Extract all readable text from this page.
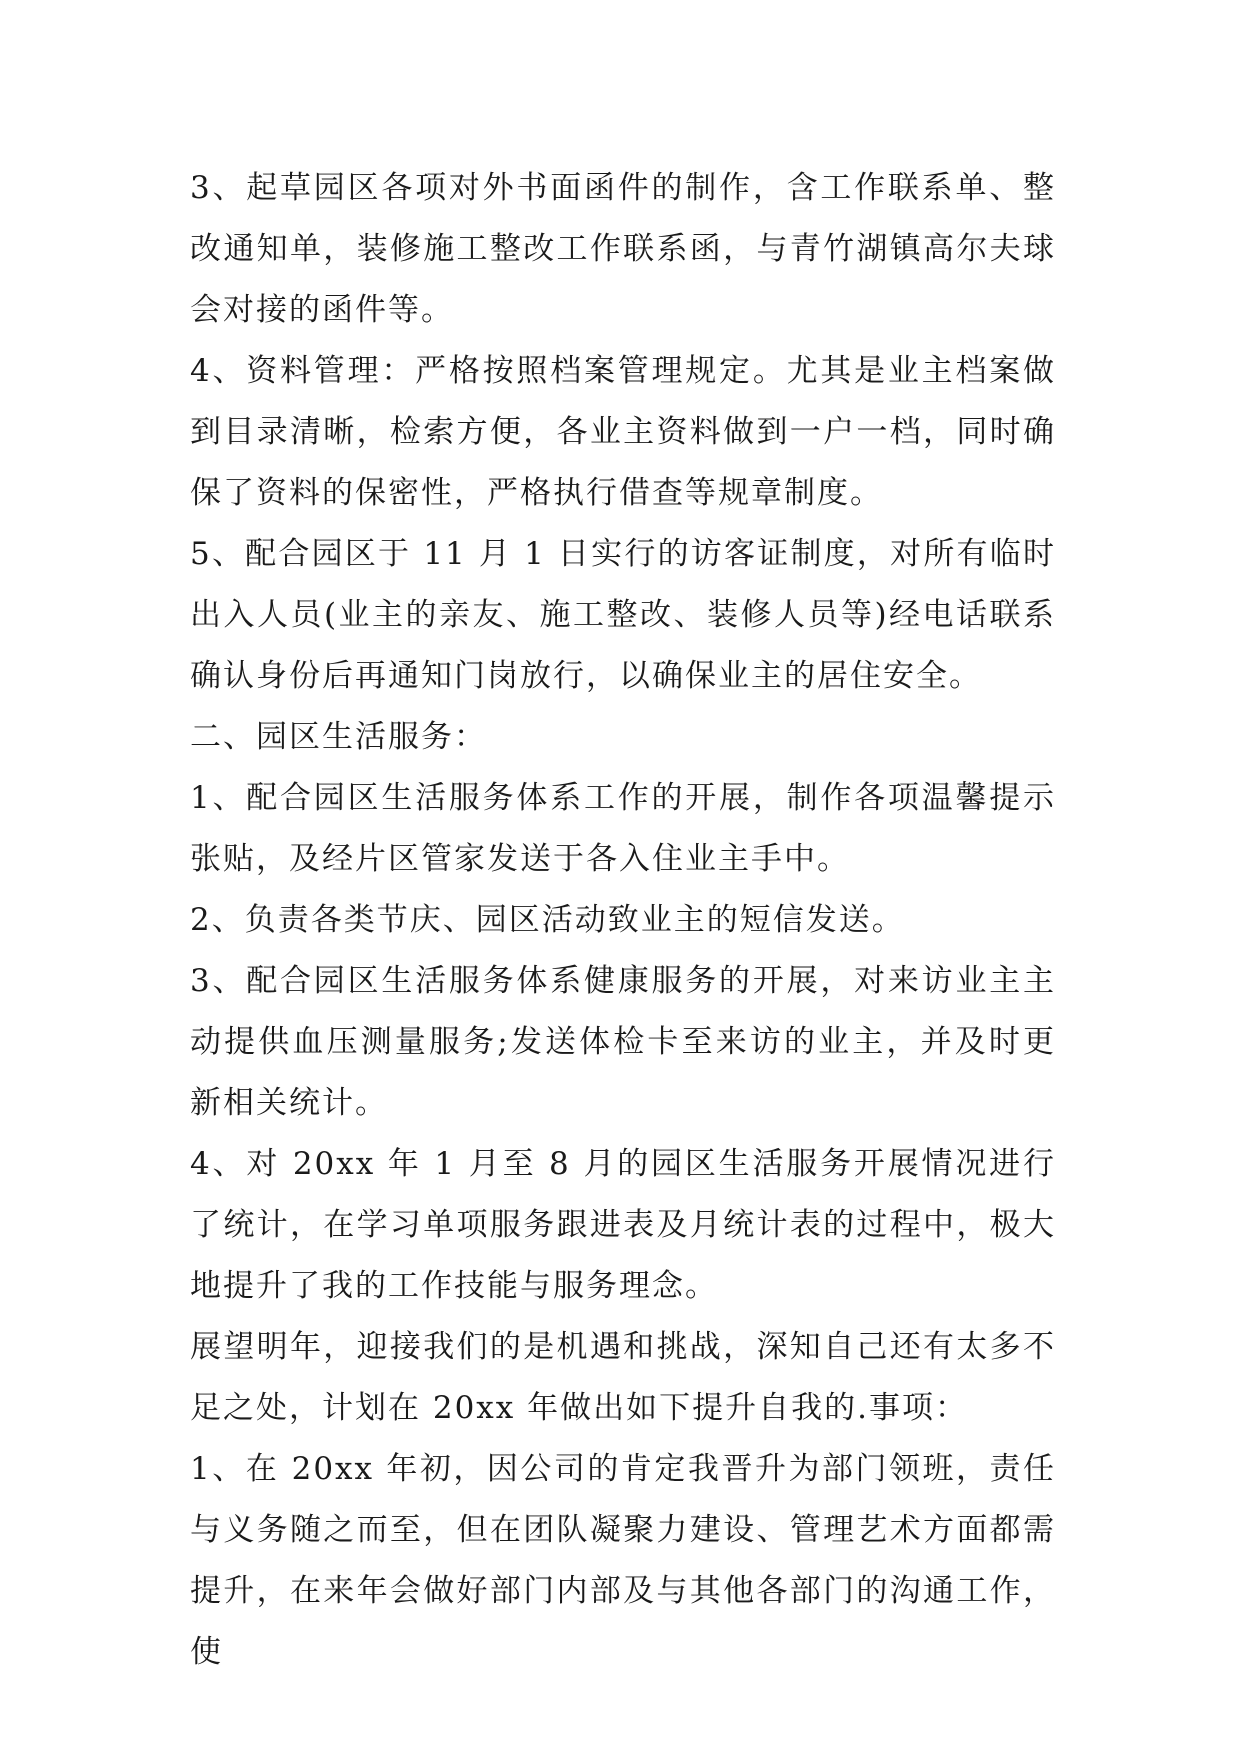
3、起草园区各项对外书面函件的制作，含工作联系单、整改通知单，装修施工整改工作联系函，与青竹湖镇高尔夫球会对接的函件等。

4、资料管理：严格按照档案管理规定。尤其是业主档案做到目录清晰，检索方便，各业主资料做到一户一档，同时确保了资料的保密性，严格执行借查等规章制度。

5、配合园区于 11 月 1 日实行的访客证制度，对所有临时出入人员(业主的亲友、施工整改、装修人员等)经电话联系确认身份后再通知门岗放行，以确保业主的居住安全。

二、园区生活服务：

1、配合园区生活服务体系工作的开展，制作各项温馨提示张贴，及经片区管家发送于各入住业主手中。

2、负责各类节庆、园区活动致业主的短信发送。

3、配合园区生活服务体系健康服务的开展，对来访业主主动提供血压测量服务;发送体检卡至来访的业主，并及时更新相关统计。

4、对 20xx 年 1 月至 8 月的园区生活服务开展情况进行了统计，在学习单项服务跟进表及月统计表的过程中，极大地提升了我的工作技能与服务理念。

展望明年，迎接我们的是机遇和挑战，深知自己还有太多不足之处，计划在 20xx 年做出如下提升自我的.事项：

1、在 20xx 年初，因公司的肯定我晋升为部门领班，责任与义务随之而至，但在团队凝聚力建设、管理艺术方面都需提升，在来年会做好部门内部及与其他各部门的沟通工作，使
